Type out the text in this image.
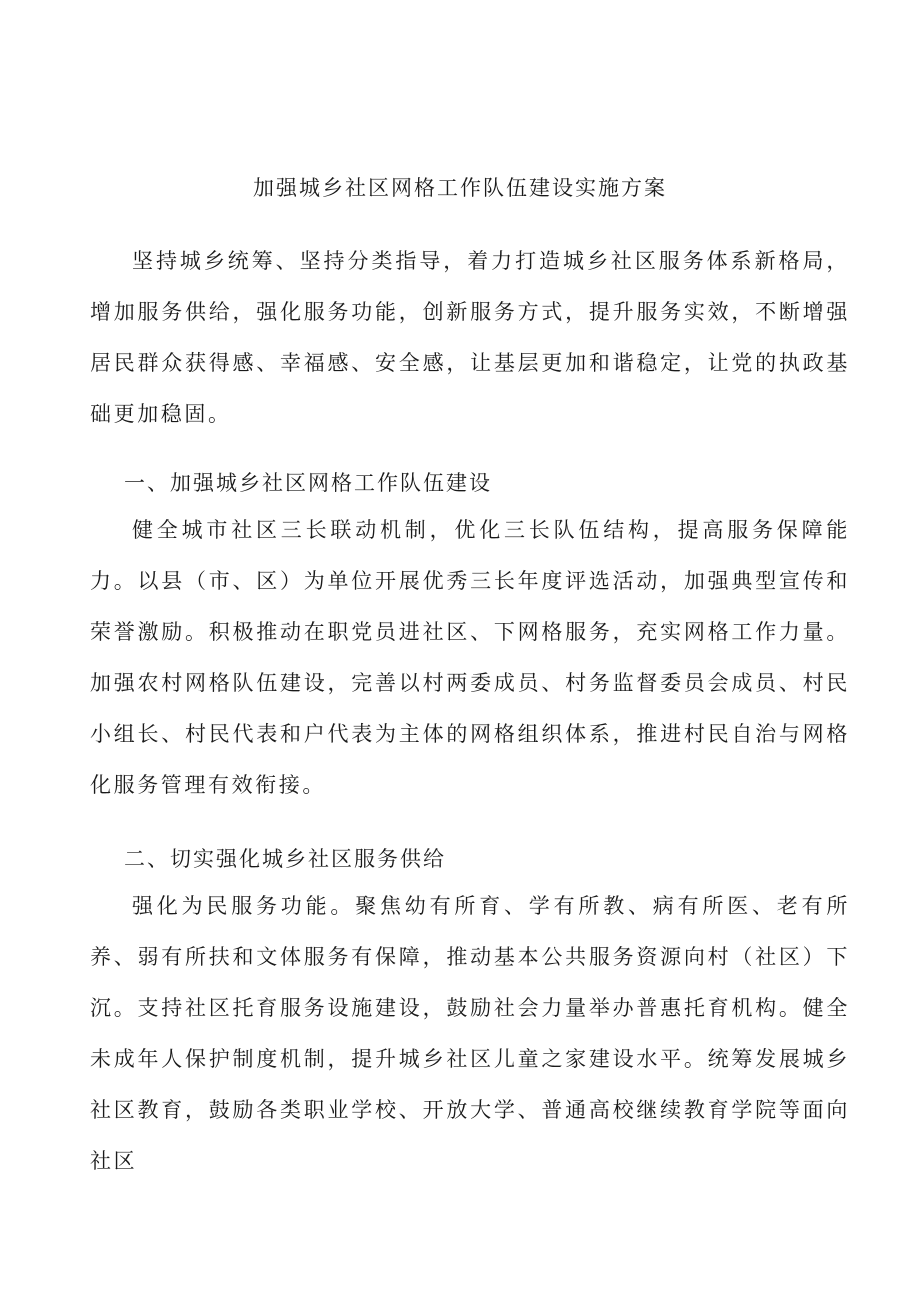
加强城乡社区网格工作队伍建设实施方案

坚持城乡统筹、坚持分类指导，着力打造城乡社区服务体系新格局，增加服务供给，强化服务功能，创新服务方式，提升服务实效，不断增强居民群众获得感、幸福感、安全感，让基层更加和谐稳定，让党的执政基础更加稳固。

一、加强城乡社区网格工作队伍建设

健全城市社区三长联动机制，优化三长队伍结构，提高服务保障能力。以县（市、区）为单位开展优秀三长年度评选活动，加强典型宣传和荣誉激励。积极推动在职党员进社区、下网格服务，充实网格工作力量。加强农村网格队伍建设，完善以村两委成员、村务监督委员会成员、村民小组长、村民代表和户代表为主体的网格组织体系，推进村民自治与网格化服务管理有效衔接。

二、切实强化城乡社区服务供给

强化为民服务功能。聚焦幼有所育、学有所教、病有所医、老有所养、弱有所扶和文体服务有保障，推动基本公共服务资源向村（社区）下沉。支持社区托育服务设施建设，鼓励社会力量举办普惠托育机构。健全未成年人保护制度机制，提升城乡社区儿童之家建设水平。统筹发展城乡社区教育，鼓励各类职业学校、开放大学、普通高校继续教育学院等面向社区
